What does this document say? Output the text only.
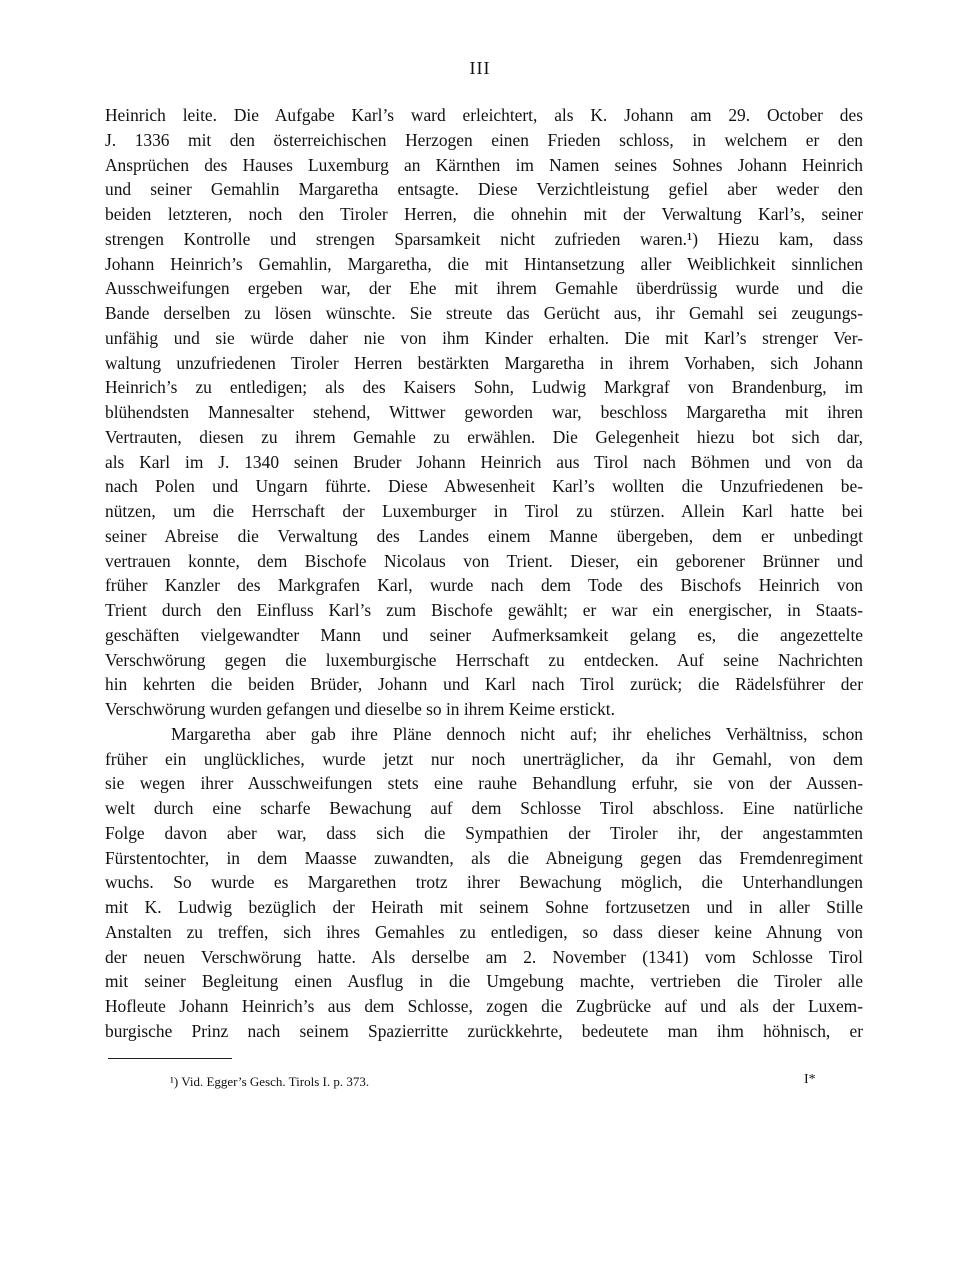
III
Heinrich leite. Die Aufgabe Karl’s ward erleichtert, als K. Johann am 29. October des
J. 1336 mit den österreichischen Herzogen einen Frieden schloss, in welchem er den
Ansprüchen des Hauses Luxemburg an Kärnthen im Namen seines Sohnes Johann Heinrich
und seiner Gemahlin Margaretha entsagte. Diese Verzichtleistung gefiel aber weder den
beiden letzteren, noch den Tiroler Herren, die ohnehin mit der Verwaltung Karl’s, seiner
strengen Kontrolle und strengen Sparsamkeit nicht zufrieden waren.¹) Hiezu kam, dass
Johann Heinrich’s Gemahlin, Margaretha, die mit Hintansetzung aller Weiblichkeit sinnlichen
Ausschweifungen ergeben war, der Ehe mit ihrem Gemahle überdrüssig wurde und die
Bande derselben zu lösen wünschte. Sie streute das Gerücht aus, ihr Gemahl sei zeugungs-
unfähig und sie würde daher nie von ihm Kinder erhalten. Die mit Karl’s strenger Ver-
waltung unzufriedenen Tiroler Herren bestärkten Margaretha in ihrem Vorhaben, sich Johann
Heinrich’s zu entledigen; als des Kaisers Sohn, Ludwig Markgraf von Brandenburg, im
blühendsten Mannesalter stehend, Wittwer geworden war, beschloss Margaretha mit ihren
Vertrauten, diesen zu ihrem Gemahle zu erwählen. Die Gelegenheit hiezu bot sich dar,
als Karl im J. 1340 seinen Bruder Johann Heinrich aus Tirol nach Böhmen und von da
nach Polen und Ungarn führte. Diese Abwesenheit Karl’s wollten die Unzufriedenen be-
nützen, um die Herrschaft der Luxemburger in Tirol zu stürzen. Allein Karl hatte bei
seiner Abreise die Verwaltung des Landes einem Manne übergeben, dem er unbedingt
vertrauen konnte, dem Bischofe Nicolaus von Trient. Dieser, ein geborener Brünner und
früher Kanzler des Markgrafen Karl, wurde nach dem Tode des Bischofs Heinrich von
Trient durch den Einfluss Karl’s zum Bischofe gewählt; er war ein energischer, in Staats-
geschäften vielgewandter Mann und seiner Aufmerksamkeit gelang es, die angezettelte
Verschwörung gegen die luxemburgische Herrschaft zu entdecken. Auf seine Nachrichten
hin kehrten die beiden Brüder, Johann und Karl nach Tirol zurück; die Rädelsführer der
Verschwörung wurden gefangen und dieselbe so in ihrem Keime erstickt.
Margaretha aber gab ihre Pläne dennoch nicht auf; ihr eheliches Verhältniss, schon
früher ein unglückliches, wurde jetzt nur noch unerträglicher, da ihr Gemahl, von dem
sie wegen ihrer Ausschweifungen stets eine rauhe Behandlung erfuhr, sie von der Aussen-
welt durch eine scharfe Bewachung auf dem Schlosse Tirol abschloss. Eine natürliche
Folge davon aber war, dass sich die Sympathien der Tiroler ihr, der angestammten
Fürstentochter, in dem Maasse zuwandten, als die Abneigung gegen das Fremdenregiment
wuchs. So wurde es Margarethen trotz ihrer Bewachung möglich, die Unterhandlungen
mit K. Ludwig bezüglich der Heirath mit seinem Sohne fortzusetzen und in aller Stille
Anstalten zu treffen, sich ihres Gemahles zu entledigen, so dass dieser keine Ahnung von
der neuen Verschwörung hatte. Als derselbe am 2. November (1341) vom Schlosse Tirol
mit seiner Begleitung einen Ausflug in die Umgebung machte, vertrieben die Tiroler alle
Hofleute Johann Heinrich’s aus dem Schlosse, zogen die Zugbrücke auf und als der Luxem-
burgische Prinz nach seinem Spazierritte zurückkehrte, bedeutete man ihm höhnisch, er
¹) Vid. Egger’s Gesch. Tirols I. p. 373.	I*
